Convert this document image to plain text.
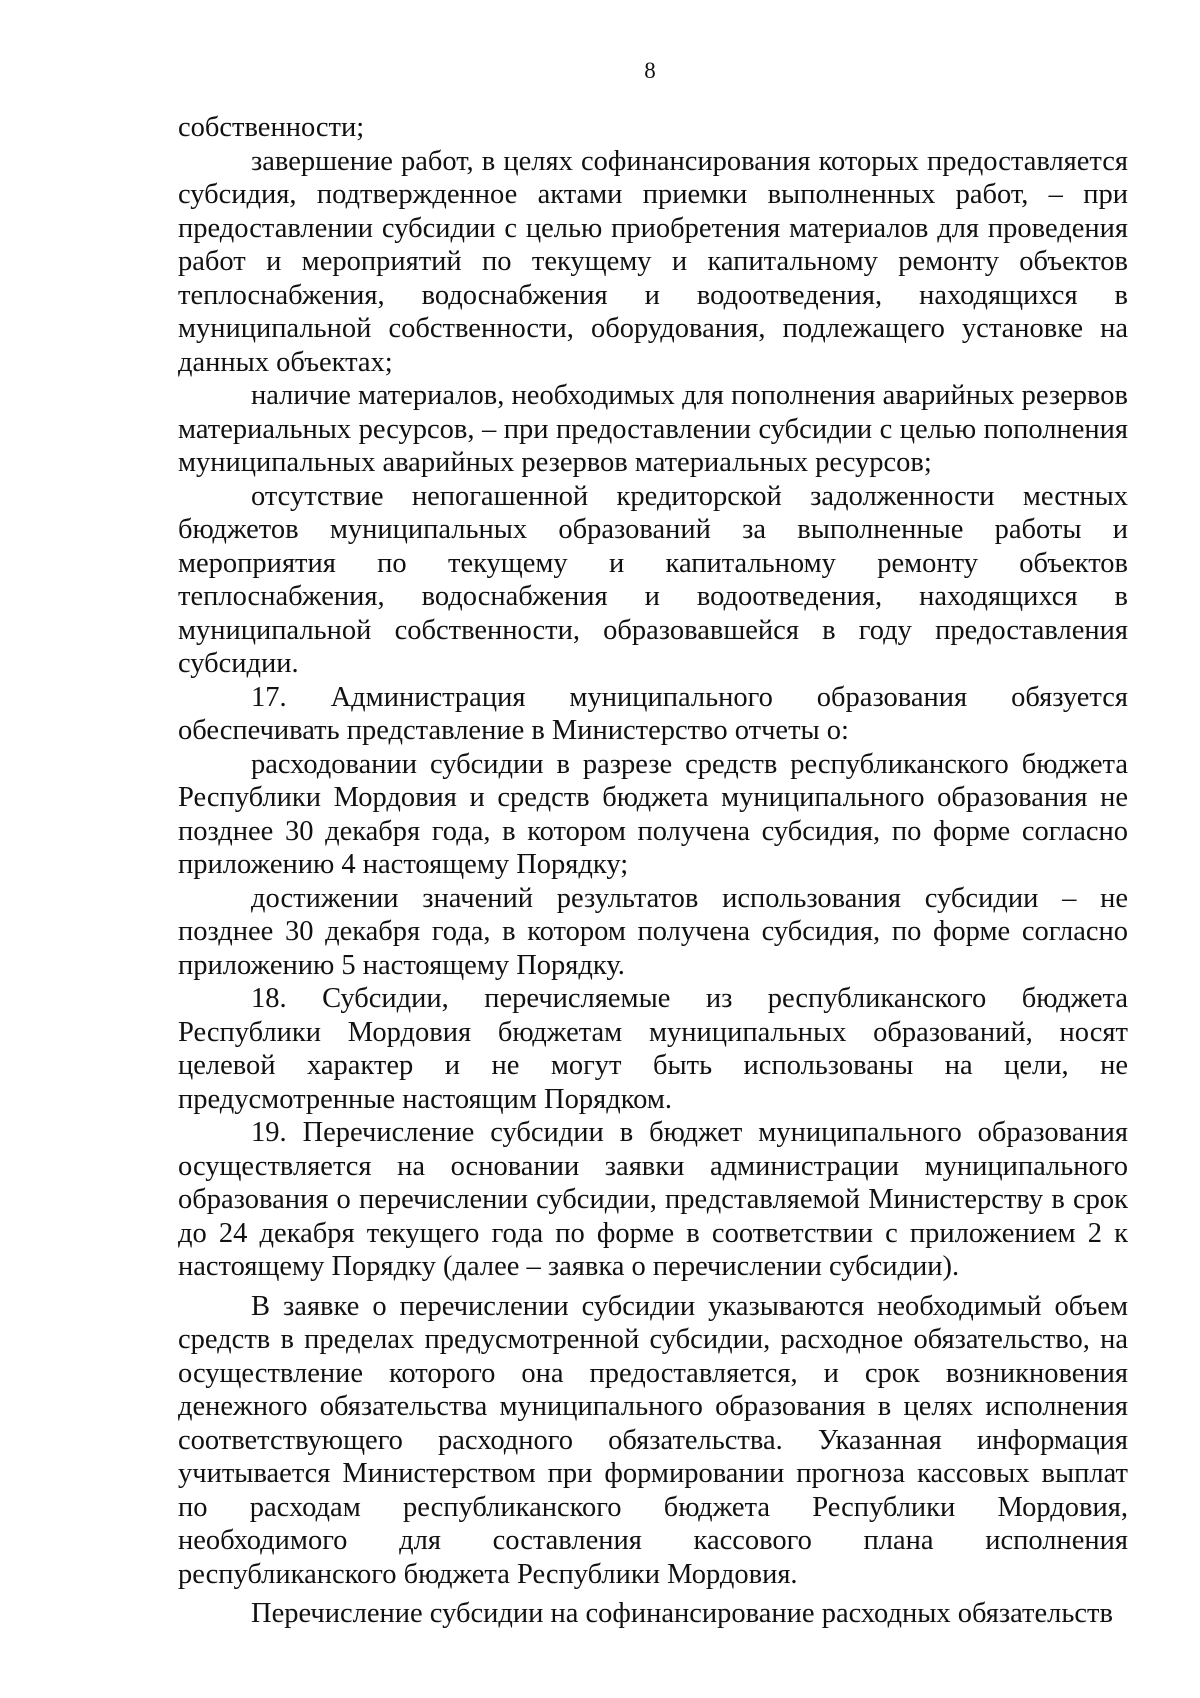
8

собственности;

завершение работ, в целях софинансирования которых предоставляется субсидия, подтвержденное актами приемки выполненных работ, – при предоставлении субсидии с целью приобретения материалов для проведения работ и мероприятий по текущему и капитальному ремонту объектов теплоснабжения, водоснабжения и водоотведения, находящихся в муниципальной собственности, оборудования, подлежащего установке на данных объектах;

наличие материалов, необходимых для пополнения аварийных резервов материальных ресурсов, – при предоставлении субсидии с целью пополнения муниципальных аварийных резервов материальных ресурсов;

отсутствие непогашенной кредиторской задолженности местных бюджетов муниципальных образований за выполненные работы и мероприятия по текущему и капитальному ремонту объектов теплоснабжения, водоснабжения и водоотведения, находящихся в муниципальной собственности, образовавшейся в году предоставления субсидии.

17. Администрация муниципального образования обязуется обеспечивать представление в Министерство отчеты о:

расходовании субсидии в разрезе средств республиканского бюджета Республики Мордовия и средств бюджета муниципального образования не позднее 30 декабря года, в котором получена субсидия, по форме согласно приложению 4 настоящему Порядку;

достижении значений результатов использования субсидии – не позднее 30 декабря года, в котором получена субсидия, по форме согласно приложению 5 настоящему Порядку.

18. Субсидии, перечисляемые из республиканского бюджета Республики Мордовия бюджетам муниципальных образований, носят целевой характер и не могут быть использованы на цели, не предусмотренные настоящим Порядком.

19. Перечисление субсидии в бюджет муниципального образования осуществляется на основании заявки администрации муниципального образования о перечислении субсидии, представляемой Министерству в срок до 24 декабря текущего года по форме в соответствии с приложением 2 к настоящему Порядку (далее – заявка о перечислении субсидии).

В заявке о перечислении субсидии указываются необходимый объем средств в пределах предусмотренной субсидии, расходное обязательство, на осуществление которого она предоставляется, и срок возникновения денежного обязательства муниципального образования в целях исполнения соответствующего расходного обязательства. Указанная информация учитывается Министерством при формировании прогноза кассовых выплат по расходам республиканского бюджета Республики Мордовия, необходимого для составления кассового плана исполнения республиканского бюджета Республики Мордовия.

Перечисление субсидии на софинансирование расходных обязательств
